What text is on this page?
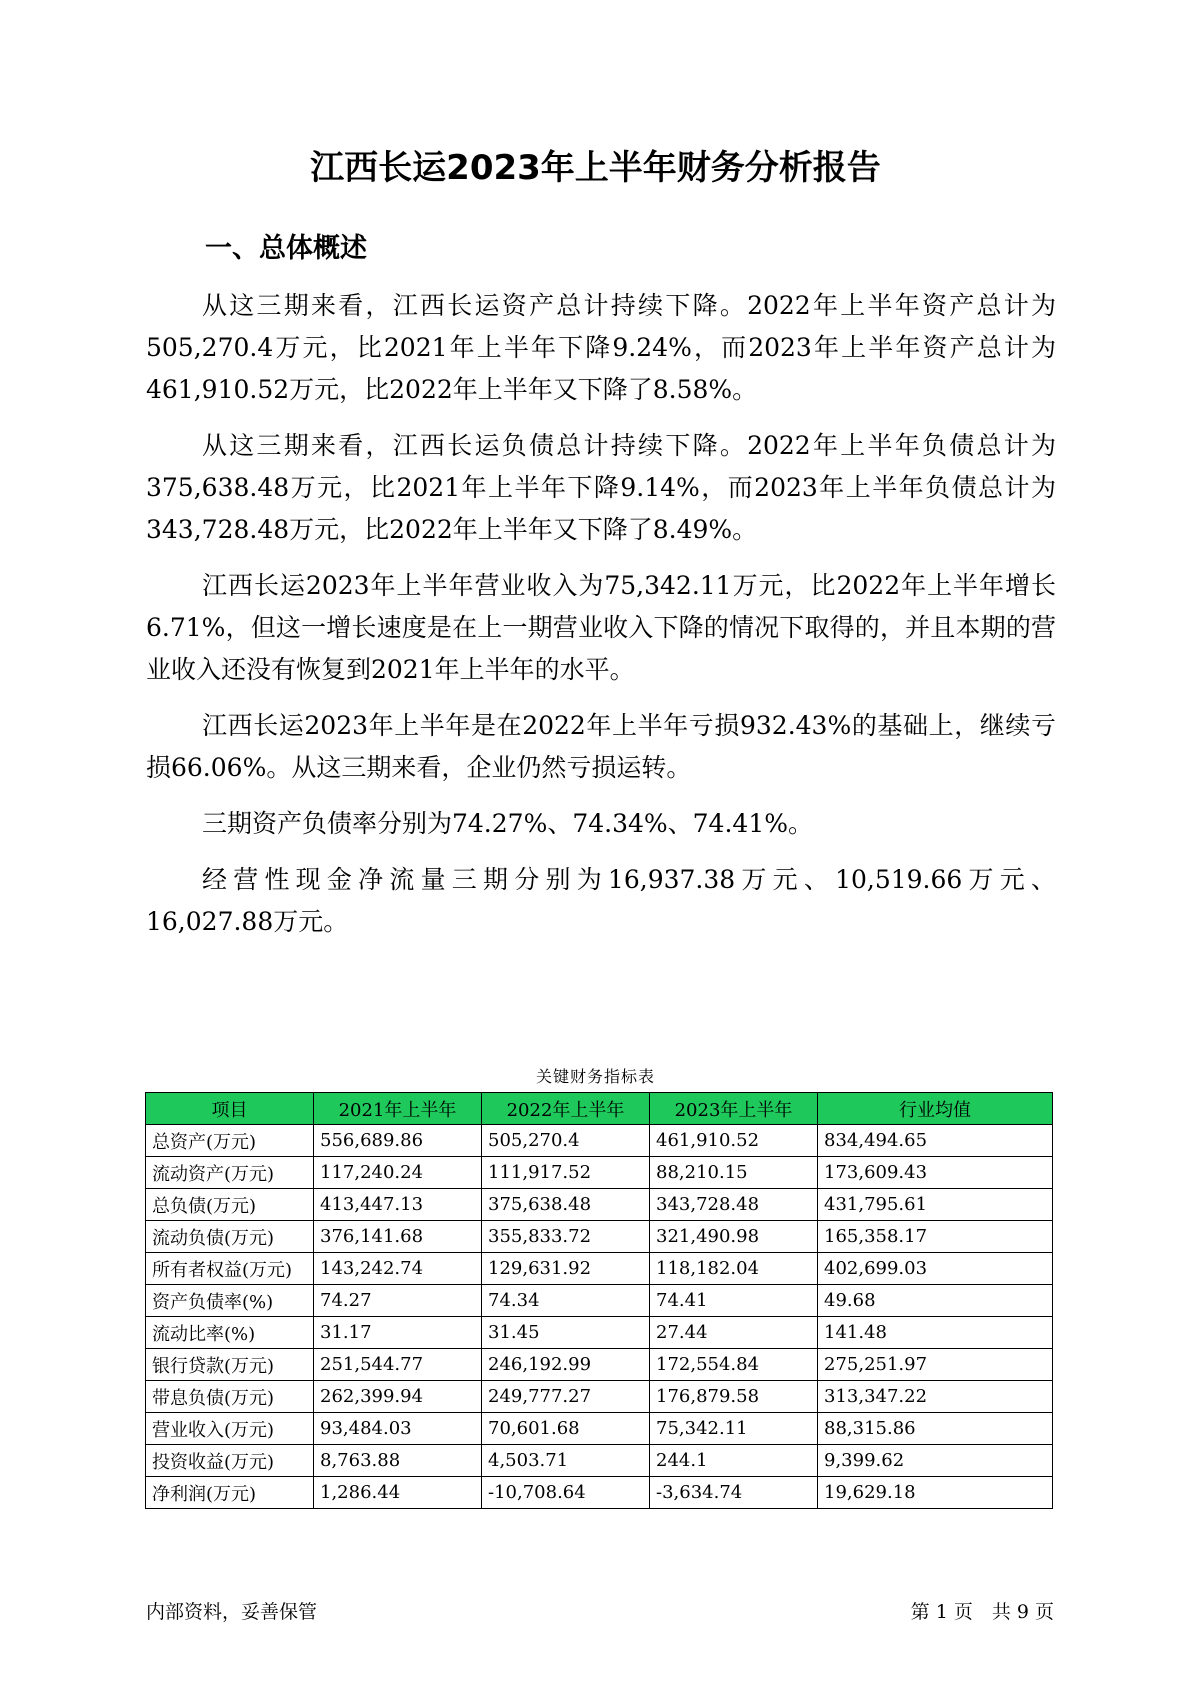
江西长运2023年上半年财务分析报告
一、总体概述

从这三期来看，江西长运资产总计持续下降。2022年上半年资产总计为505,270.4万元，比2021年上半年下降9.24%，而2023年上半年资产总计为461,910.52万元，比2022年上半年又下降了8.58%。

从这三期来看，江西长运负债总计持续下降。2022年上半年负债总计为375,638.48万元，比2021年上半年下降9.14%，而2023年上半年负债总计为343,728.48万元，比2022年上半年又下降了8.49%。

江西长运2023年上半年营业收入为75,342.11万元，比2022年上半年增长6.71%，但这一增长速度是在上一期营业收入下降的情况下取得的，并且本期的营业收入还没有恢复到2021年上半年的水平。

江西长运2023年上半年是在2022年上半年亏损932.43%的基础上，继续亏损66.06%。从这三期来看，企业仍然亏损运转。

三期资产负债率分别为74.27%、74.34%、74.41%。

经营性现金净流量三期分别为16,937.38万元、10,519.66万元、16,027.88万元。

关键财务指标表
项目	2021年上半年	2022年上半年	2023年上半年	行业均值
总资产(万元)	556,689.86	505,270.4	461,910.52	834,494.65
流动资产(万元)	117,240.24	111,917.52	88,210.15	173,609.43
总负债(万元)	413,447.13	375,638.48	343,728.48	431,795.61
流动负债(万元)	376,141.68	355,833.72	321,490.98	165,358.17
所有者权益(万元)	143,242.74	129,631.92	118,182.04	402,699.03
资产负债率(%)	74.27	74.34	74.41	49.68
流动比率(%)	31.17	31.45	27.44	141.48
银行贷款(万元)	251,544.77	246,192.99	172,554.84	275,251.97
带息负债(万元)	262,399.94	249,777.27	176,879.58	313,347.22
营业收入(万元)	93,484.03	70,601.68	75,342.11	88,315.86
投资收益(万元)	8,763.88	4,503.71	244.1	9,399.62
净利润(万元)	1,286.44	-10,708.64	-3,634.74	19,629.18
内部资料，妥善保管	第 1 页　共 9 页
